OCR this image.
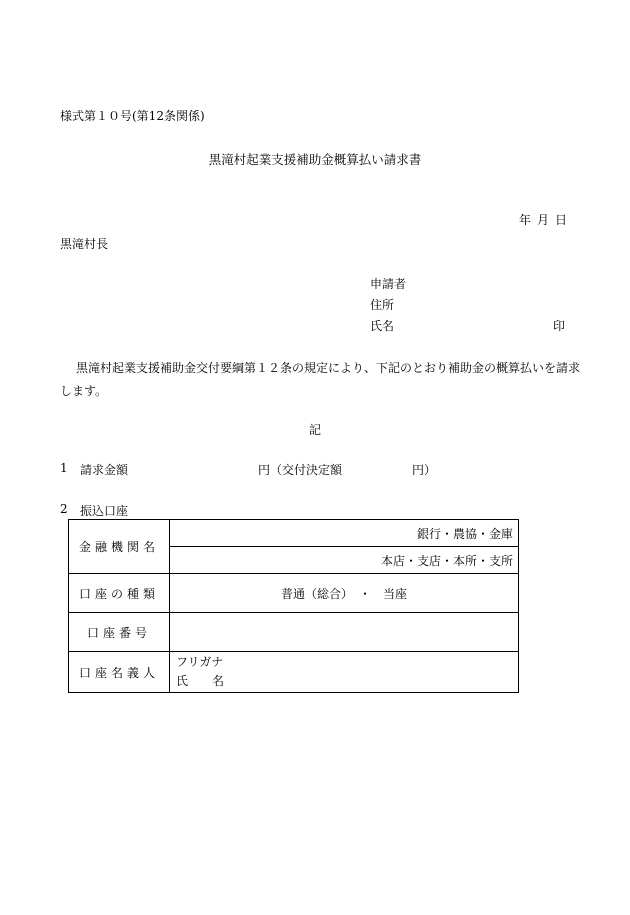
様式第１０号(第12条関係)
黒滝村起業支援補助金概算払い請求書
年 月 日
黒滝村長
申請者
住所
氏名	印
黒滝村起業支援補助金交付要綱第１２条の規定により、下記のとおり補助金の概算払いを請求します。
記
1 請求金額	円（交付決定額	円）
2 振込口座
金融機関名	銀行・農協・金庫
	本店・支店・本所・支所
口座の種類	普通（総合）　・　当座
口座番号	
口座名義人	フリガナ
氏　　名
